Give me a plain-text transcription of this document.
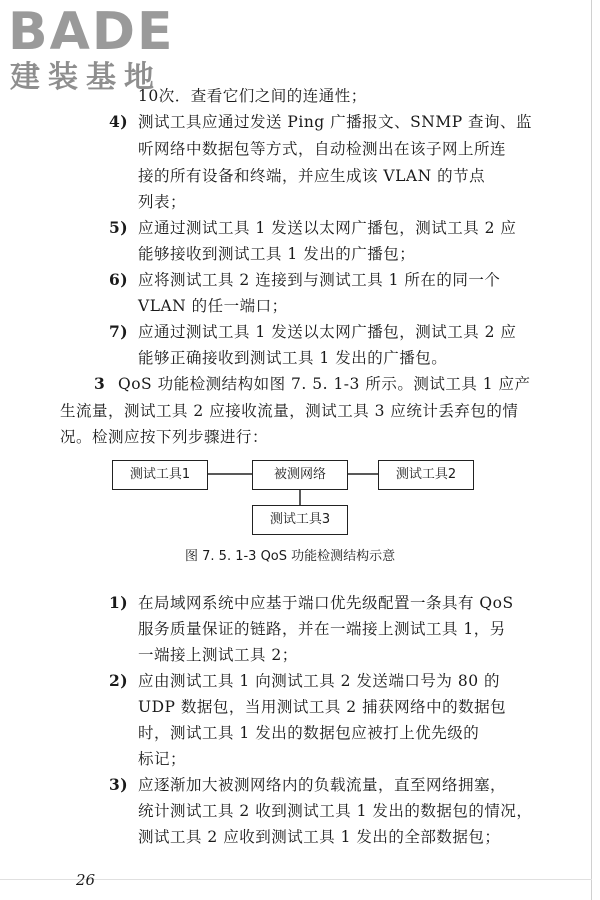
BADE
建装基地
10次．查看它们之间的连通性；
4) 测试工具应通过发送 Ping 广播报文、SNMP 查询、监
听网络中数据包等方式，自动检测出在该子网上所连
接的所有设备和终端，并应生成该 VLAN 的节点
列表；
5) 应通过测试工具 1 发送以太网广播包，测试工具 2 应
能够接收到测试工具 1 发出的广播包；
6) 应将测试工具 2 连接到与测试工具 1 所在的同一个
VLAN 的任一端口；
7) 应通过测试工具 1 发送以太网广播包，测试工具 2 应
能够正确接收到测试工具 1 发出的广播包。
3 QoS 功能检测结构如图 7. 5. 1-3 所示。测试工具 1 应产
生流量，测试工具 2 应接收流量，测试工具 3 应统计丢弃包的情
况。检测应按下列步骤进行：
测试工具1	被测网络	测试工具2
测试工具3
图 7. 5. 1-3 QoS 功能检测结构示意
1) 在局域网系统中应基于端口优先级配置一条具有 QoS
服务质量保证的链路，并在一端接上测试工具 1，另
一端接上测试工具 2；
2) 应由测试工具 1 向测试工具 2 发送端口号为 80 的
UDP 数据包，当用测试工具 2 捕获网络中的数据包
时，测试工具 1 发出的数据包应被打上优先级的
标记；
3) 应逐渐加大被测网络内的负载流量，直至网络拥塞，
统计测试工具 2 收到测试工具 1 发出的数据包的情况，
测试工具 2 应收到测试工具 1 发出的全部数据包；
26
